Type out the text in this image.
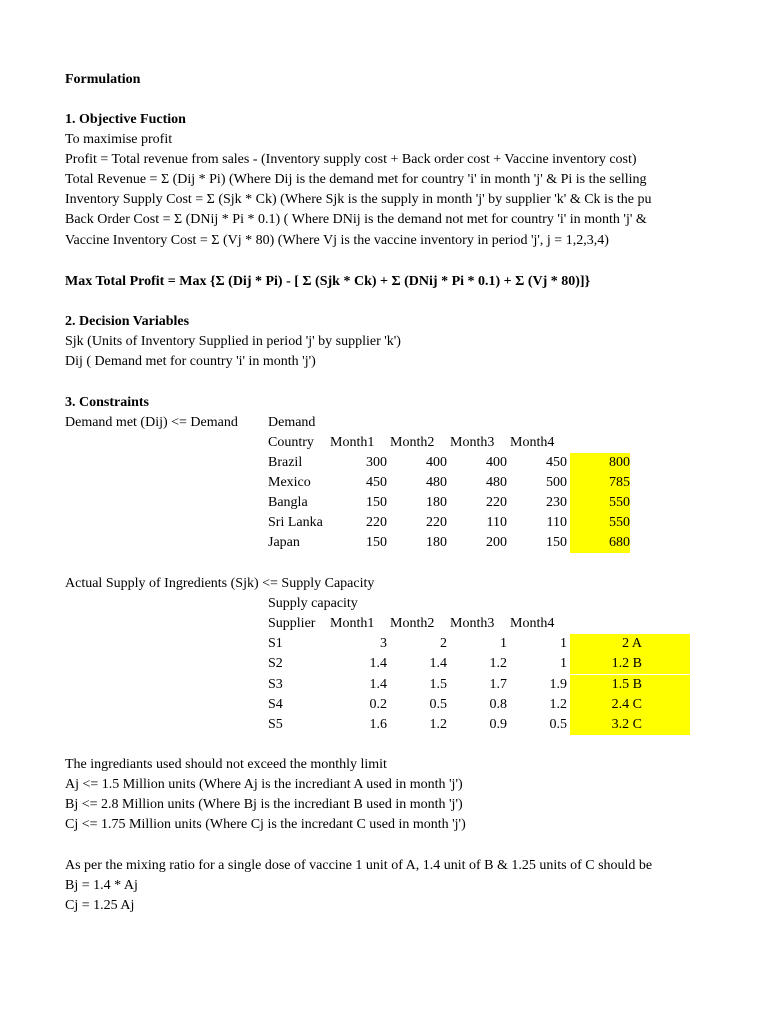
Formulation
1. Objective Fuction
To maximise profit
Profit = Total revenue from sales - (Inventory supply cost + Back order cost + Vaccine inventory cost)
Total Revenue = Σ (Dij * Pi) (Where Dij is the demand met for country 'i' in month 'j' & Pi is the selling
Inventory Supply Cost = Σ (Sjk * Ck) (Where Sjk is the supply in month 'j' by supplier 'k' & Ck is the pu
Back Order Cost = Σ (DNij * Pi * 0.1) ( Where DNij is the demand not met for country 'i' in month 'j' &
Vaccine Inventory Cost = Σ (Vj * 80) (Where Vj is the vaccine inventory in period 'j', j = 1,2,3,4)
Max Total Profit = Max {Σ (Dij * Pi) - [ Σ (Sjk * Ck) + Σ (DNij * Pi * 0.1) + Σ (Vj * 80)]}
2. Decision Variables
Sjk (Units of Inventory Supplied in period 'j' by supplier 'k')
Dij ( Demand met for country 'i' in month 'j')
3. Constraints
Demand met (Dij) <= Demand Demand
Country Month1 Month2 Month3 Month4
Brazil	300	400	400	450	800
Mexico	450	480	480	500	785
Bangla	150	180	220	230	550
Sri Lanka	220	220	110	110	550
Japan	150	180	200	150	680
Actual Supply of Ingredients (Sjk) <= Supply Capacity
Supply capacity
Supplier Month1 Month2 Month3 Month4
S1	3	2	1	1	2 A
S2	1.4	1.4	1.2	1	1.2 B
S3	1.4	1.5	1.7	1.9	1.5 B
S4	0.2	0.5	0.8	1.2	2.4 C
S5	1.6	1.2	0.9	0.5	3.2 C
The ingrediants used should not exceed the monthly limit
Aj <= 1.5 Million units (Where Aj is the incrediant A used in month 'j')
Bj <= 2.8 Million units (Where Bj is the incrediant B used in month 'j')
Cj <= 1.75 Million units (Where Cj is the incredant C used in month 'j')
As per the mixing ratio for a single dose of vaccine 1 unit of A, 1.4 unit of B & 1.25 units of C should be
Bj = 1.4 * Aj
Cj = 1.25 Aj
